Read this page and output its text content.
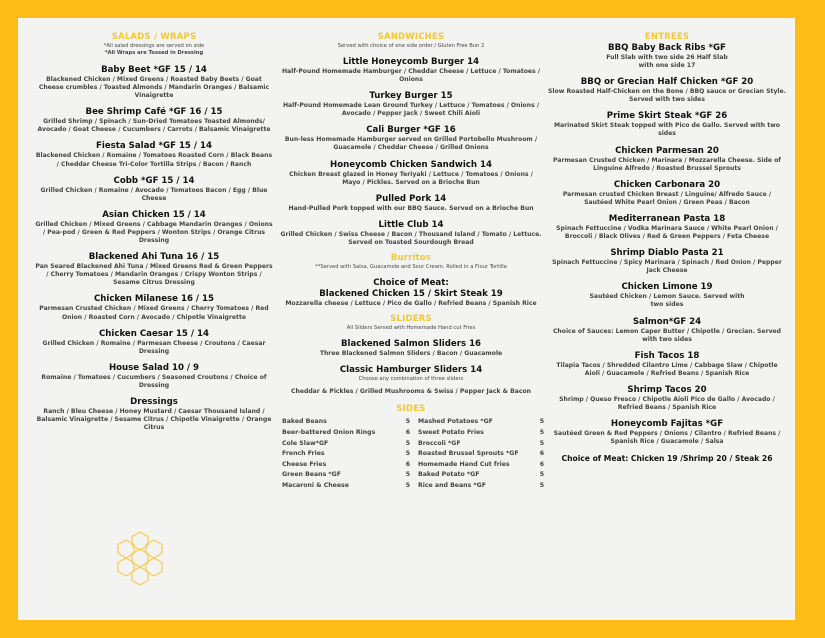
SALADS / WRAPS
*All salad dressings are served on side
*All Wraps are Tossed in Dressing
Baby Beet *GF 15 / 14
Blackened Chicken / Mixed Greens / Roasted Baby Beets / Goat Cheese crumbles / Toasted Almonds / Mandarin Oranges / Balsamic Vinaigrette
Bee Shrimp Café *GF 16 / 15
Grilled Shrimp / Spinach / Sun-Dried Tomatoes Toasted Almonds/ Avocado / Goat Cheese / Cucumbers / Carrots / Balsamic Vinaigrette
Fiesta Salad *GF 15 / 14
Blackened Chicken / Romaine / Tomatoes Roasted Corn / Black Beans / Cheddar Cheese Tri-Color Tortilla Strips / Bacon / Ranch
Cobb *GF 15 / 14
Grilled Chicken / Romaine / Avocado / Tomatoes Bacon / Egg / Blue Cheese
Asian Chicken 15 / 14
Grilled Chicken / Mixed Greens / Cabbage Mandarin Oranges / Onions / Pea-pod / Green & Red Peppers / Wonton Strips / Orange Citrus Dressing
Blackened Ahi Tuna 16 / 15
Pan Seared Blackened Ahi Tuna / Mixed Greens Red & Green Peppers / Cherry Tomatoes / Mandarin Oranges / Crispy Wonton Strips / Sesame Citrus Dressing
Chicken Milanese 16 / 15
Parmesan Crusted Chicken / Mixed Greens / Cherry Tomatoes / Red Onion / Roasted Corn / Avocado / Chipotle Vinaigrette
Chicken Caesar 15 / 14
Grilled Chicken / Romaine / Parmesan Cheese / Croutons / Caesar Dressing
House Salad 10 / 9
Romaine / Tomatoes / Cucumbers / Seasoned Croutons / Choice of Dressing
Dressings
Ranch / Bleu Cheese / Honey Mustard / Caesar Thousand Island / Balsamic Vinaigrette / Sesame Citrus / Chipotle Vinaigrette / Orange Citrus
SANDWICHES
Served with choice of one side order / Gluten Free Bun 2
Little Honeycomb Burger 14
Half-Pound Homemade Hamburger / Cheddar Cheese / Lettuce / Tomatoes / Onions
Turkey Burger 15
Half-Pound Homemade Lean Ground Turkey / Lettuce / Tomatoes / Onions / Avocado / Pepper Jack / Sweet Chili Aioli
Cali Burger *GF 16
Bun-less Homemade Hamburger served on Grilled Portobello Mushroom / Guacamole / Cheddar Cheese / Grilled Onions
Honeycomb Chicken Sandwich 14
Chicken Breast glazed in Honey Teriyaki / Lettuce / Tomatoes / Onions / Mayo / Pickles. Served on a Brioche Bun
Pulled Pork 14
Hand-Pulled Pork topped with our BBQ Sauce. Served on a Brioche Bun
Little Club 14
Grilled Chicken / Swiss Cheese / Bacon / Thousand Island / Tomato / Lettuce. Served on Toasted Sourdough Bread
Burritos
**Served with Salsa, Guacamole and Sour Cream. Rolled in a Flour Tortilla
Choice of Meat:
Blackened Chicken 15 / Skirt Steak 19
Mozzarella cheese / Lettuce / Pico de Gallo / Refried Beans / Spanish Rice
SLIDERS
All Sliders Served with Homemade Hand cut Fries
Blackened Salmon Sliders 16
Three Blackened Salmon Sliders / Bacon / Guacamole
Classic Hamburger Sliders 14
Choose any combination of three sliders
Cheddar & Pickles / Grilled Mushrooms & Swiss / Pepper Jack & Bacon
SIDES
Baked Beans	5 Mashed Potatoes *GF	5
Beer-battered Onion Rings	6 Sweet Potato Fries	5
Cole Slaw*GF	5 Broccoli *GF	5
French Fries	5 Roasted Brussel Sprouts *GF	6
Cheese Fries	6 Homemade Hand Cut fries	6
Green Beans *GF	5 Baked Potato *GF	5
Macaroni & Cheese	5 Rice and Beans *GF	5
ENTREES
BBQ Baby Back Ribs *GF
Full Slab with two side 26 Half Slab with one side 17
BBQ or Grecian Half Chicken *GF 20
Slow Roasted Half-Chicken on the Bone / BBQ sauce or Grecian Style. Served with two sides
Prime Skirt Steak *GF 26
Marinated Skirt Steak topped with Pico de Gallo. Served with two sides
Chicken Parmesan 20
Parmesan Crusted Chicken / Marinara / Mozzarella Cheese. Side of Linguine Alfredo / Roasted Brussel Sprouts
Chicken Carbonara 20
Parmesan crusted Chicken Breast / Linguine/ Alfredo Sauce / Sautéed White Pearl Onion / Green Peas / Bacon
Mediterranean Pasta 18
Spinach Fettuccine / Vodka Marinara Sauce / White Pearl Onion / Broccoli / Black Olives / Red & Green Peppers / Feta Cheese
Shrimp Diablo Pasta 21
Spinach Fettuccine / Spicy Marinara / Spinach / Red Onion / Pepper Jack Cheese
Chicken Limone 19
Sautéed Chicken / Lemon Sauce. Served with two sides
Salmon*GF 24
Choice of Sauces: Lemon Caper Butter / Chipotle / Grecian. Served with two sides
Fish Tacos 18
Tilapia Tacos / Shredded Cilantro Lime / Cabbage Slaw / Chipotle Aioli / Guacamole / Refried Beans / Spanish Rice
Shrimp Tacos 20
Shrimp / Queso Fresco / Chipotle Aioli Pico de Gallo / Avocado / Refried Beans / Spanish Rice
Honeycomb Fajitas *GF
Sautéed Green & Red Peppers / Onions / Cilantro / Refried Beans / Spanish Rice / Guacamole / Salsa
Choice of Meat: Chicken 19 /Shrimp 20 / Steak 26
